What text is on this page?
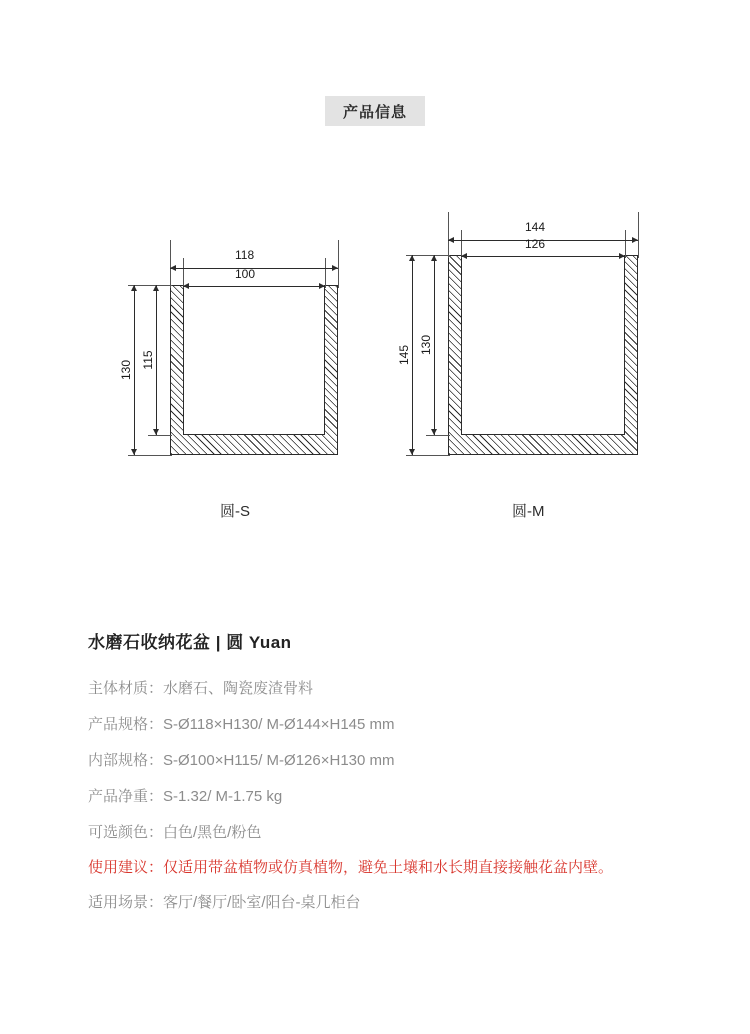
产品信息
118
100
130 115
圆-S
144
126
145 130
圆-M
水磨石收纳花盆 | 圆 Yuan
主体材质：水磨石、陶瓷废渣骨料
产品规格：S-Ø118×H130/ M-Ø144×H145 mm
内部规格：S-Ø100×H115/ M-Ø126×H130 mm
产品净重：S-1.32/ M-1.75 kg
可选颜色：白色/黑色/粉色
使用建议：仅适用带盆植物或仿真植物，避免土壤和水长期直接接触花盆内壁。
适用场景：客厅/餐厅/卧室/阳台-桌几柜台
